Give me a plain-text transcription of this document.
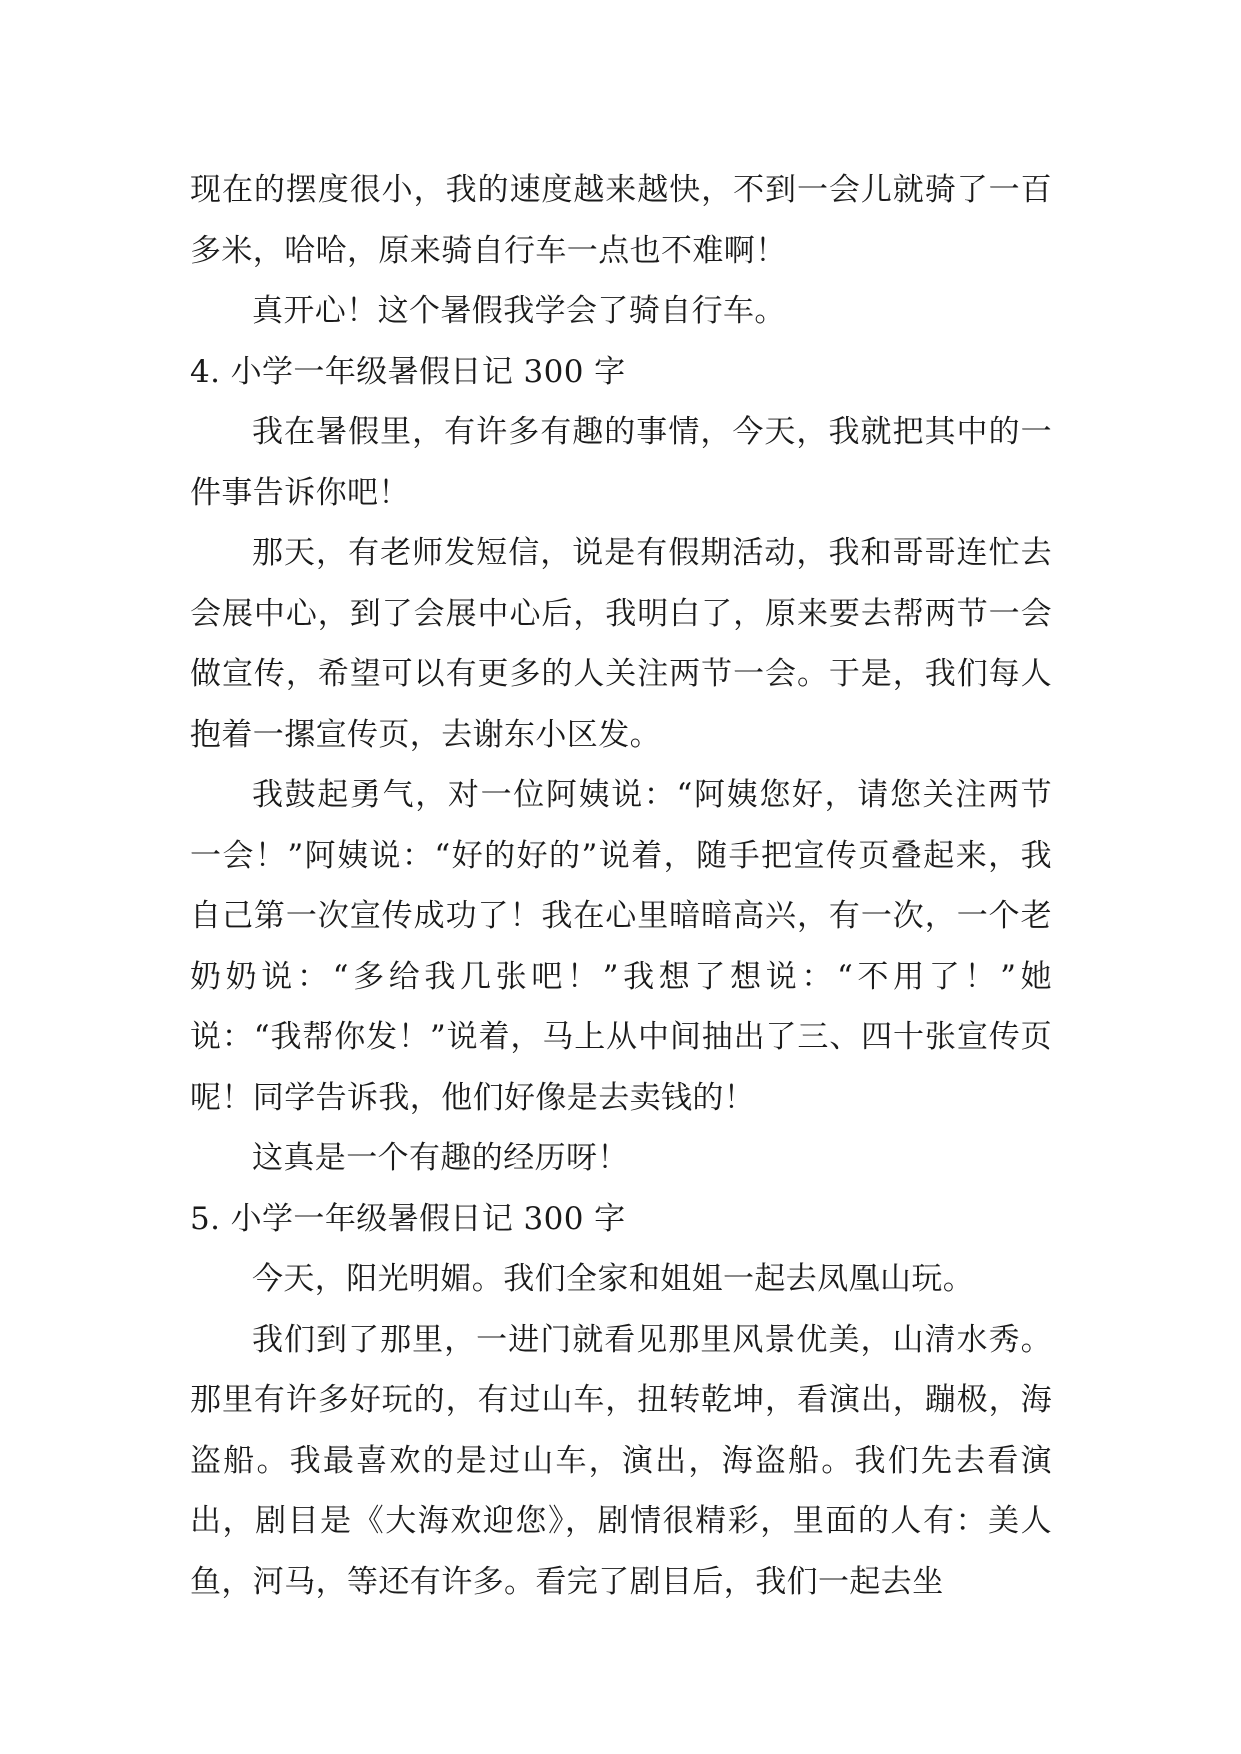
现在的摆度很小，我的速度越来越快，不到一会儿就骑了一百多米，哈哈，原来骑自行车一点也不难啊！

真开心！这个暑假我学会了骑自行车。

4. 小学一年级暑假日记 300 字

我在暑假里，有许多有趣的事情，今天，我就把其中的一件事告诉你吧！

那天，有老师发短信，说是有假期活动，我和哥哥连忙去会展中心，到了会展中心后，我明白了，原来要去帮两节一会做宣传，希望可以有更多的人关注两节一会。于是，我们每人抱着一摞宣传页，去谢东小区发。

我鼓起勇气，对一位阿姨说：“阿姨您好，请您关注两节一会！”阿姨说：“好的好的”说着，随手把宣传页叠起来，我自己第一次宣传成功了！我在心里暗暗高兴，有一次，一个老奶奶说：“多给我几张吧！”我想了想说：“不用了！”她说：“我帮你发！”说着，马上从中间抽出了三、四十张宣传页呢！同学告诉我，他们好像是去卖钱的！

这真是一个有趣的经历呀！

5. 小学一年级暑假日记 300 字

今天，阳光明媚。我们全家和姐姐一起去凤凰山玩。

我们到了那里，一进门就看见那里风景优美，山清水秀。那里有许多好玩的，有过山车，扭转乾坤，看演出，蹦极，海盗船。我最喜欢的是过山车，演出，海盗船。我们先去看演出，剧目是《大海欢迎您》，剧情很精彩，里面的人有：美人鱼，河马，等还有许多。看完了剧目后，我们一起去坐
